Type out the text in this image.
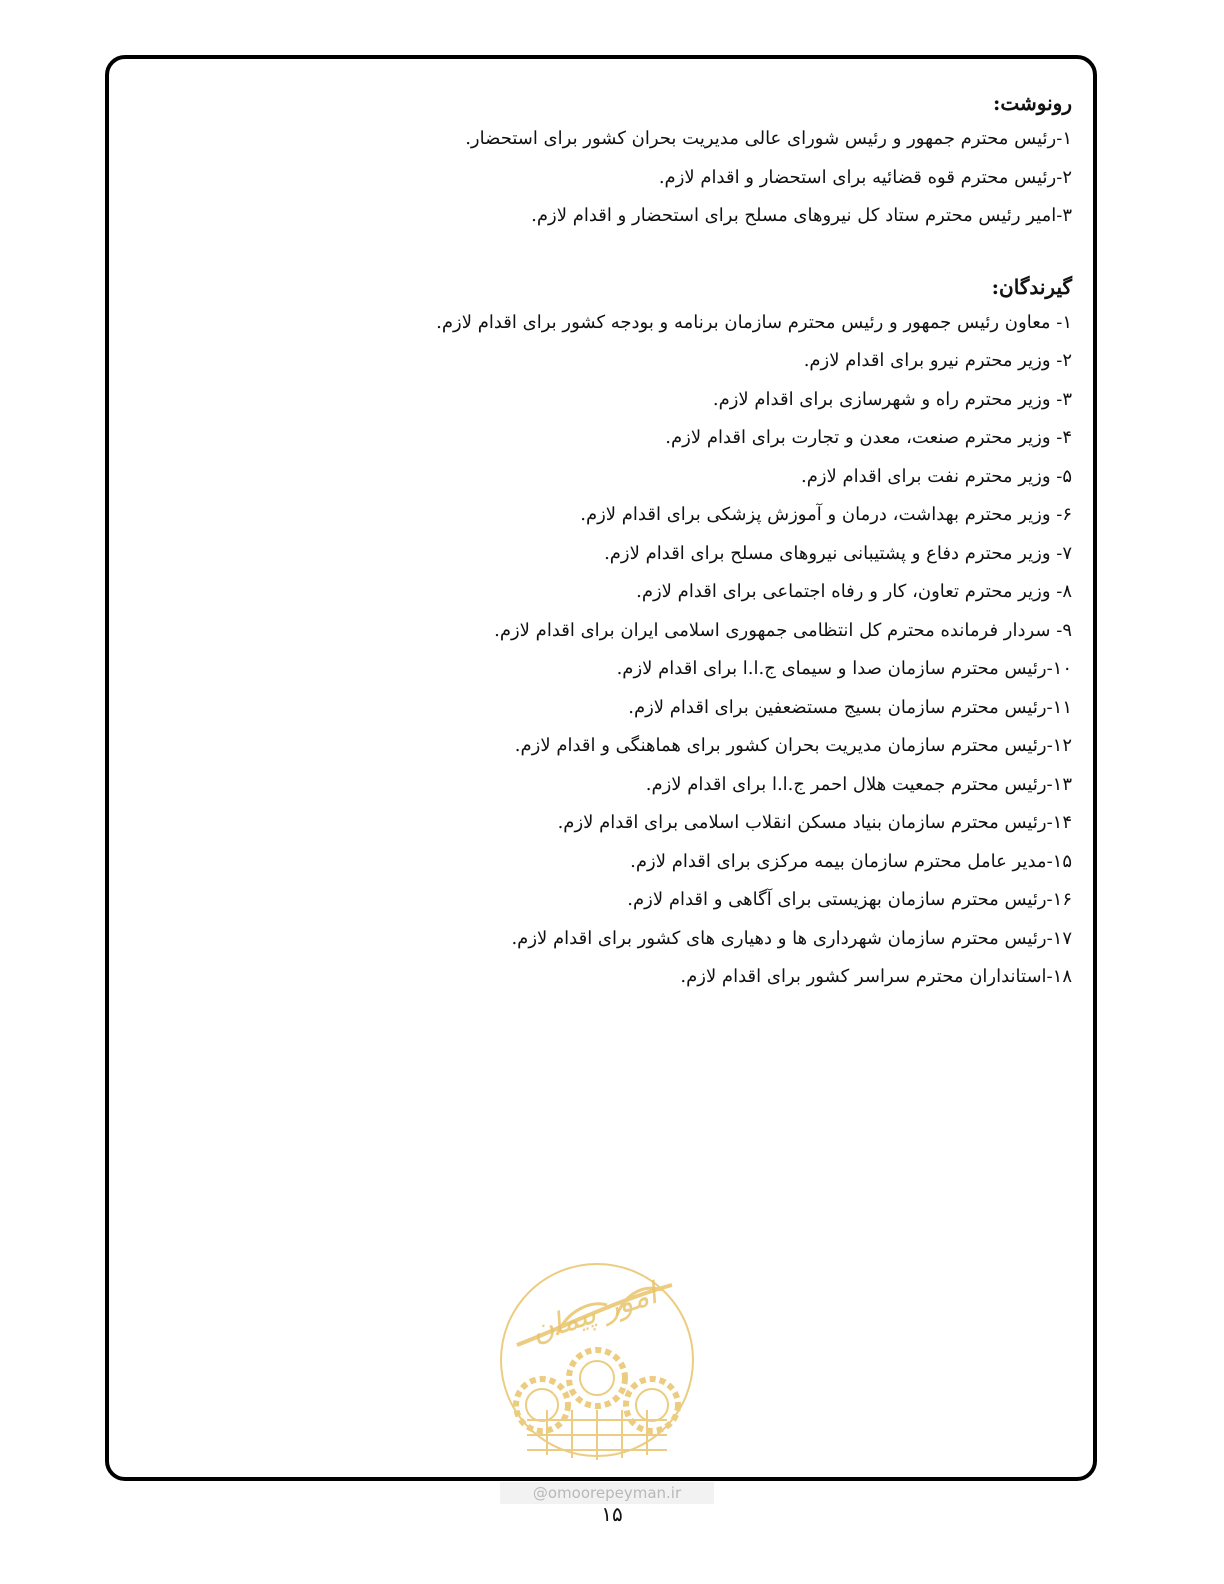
رونوشت:
۱-رئیس محترم جمهور و رئیس شورای عالی مدیریت بحران کشور برای استحضار.
۲-رئیس محترم قوه قضائیه برای استحضار و اقدام لازم.
۳-امیر رئیس محترم ستاد کل نیروهای مسلح برای استحضار و اقدام لازم.
گیرندگان:
۱- معاون رئیس جمهور و رئیس محترم سازمان برنامه و بودجه کشور برای اقدام لازم.
۲- وزیر محترم نیرو برای اقدام لازم.
۳- وزیر محترم راه و شهرسازی برای اقدام لازم.
۴- وزیر محترم صنعت، معدن و تجارت برای اقدام لازم.
۵- وزیر محترم نفت برای اقدام لازم.
۶- وزیر محترم بهداشت، درمان و آموزش پزشکی برای اقدام لازم.
۷- وزیر محترم دفاع و پشتیبانی نیروهای مسلح برای اقدام لازم.
۸- وزیر محترم تعاون، کار و رفاه اجتماعی برای اقدام لازم.
۹- سردار فرمانده محترم کل انتظامی جمهوری اسلامی ایران برای اقدام لازم.
۱۰-رئیس محترم سازمان صدا و سیمای ج.ا.ا برای اقدام لازم.
۱۱-رئیس محترم سازمان بسیج مستضعفین برای اقدام لازم.
۱۲-رئیس محترم سازمان مدیریت بحران کشور برای هماهنگی و اقدام لازم.
۱۳-رئیس محترم جمعیت هلال احمر ج.ا.ا برای اقدام لازم.
۱۴-رئیس محترم سازمان بنیاد مسکن انقلاب اسلامی برای اقدام لازم.
۱۵-مدیر عامل محترم سازمان بیمه مرکزی برای اقدام لازم.
۱۶-رئیس محترم سازمان بهزیستی برای آگاهی و اقدام لازم.
۱۷-رئیس محترم سازمان شهرداری ها و دهیاری های کشور برای اقدام لازم.
۱۸-استانداران محترم سراسر کشور برای اقدام لازم.
امور پیمان
@omoorepeyman.ir
۱۵
